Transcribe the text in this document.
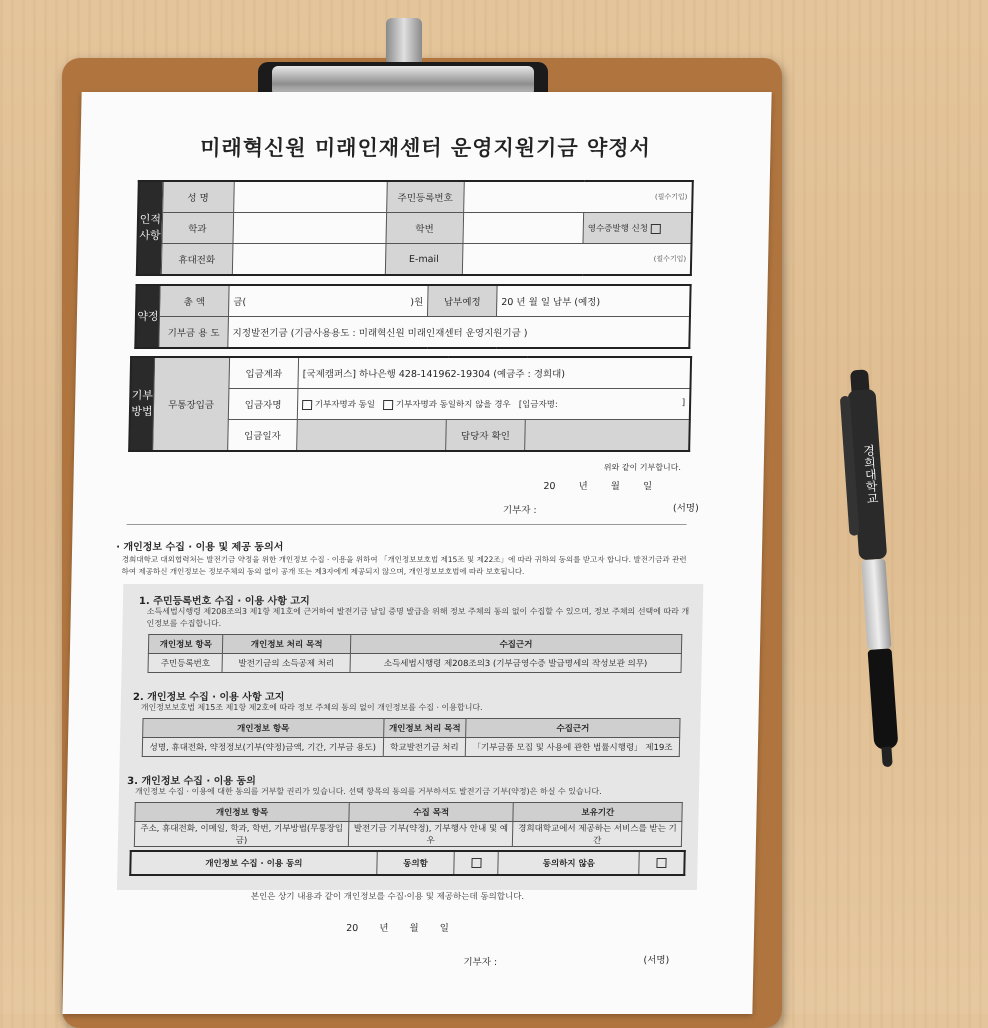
미래혁신원 미래인재센터 운영지원기금 약정서
인적사항	성 명		주민등록번호	(필수기입)	

	학과		학번		영수증발행 신청
	휴대전화		E-mail	(필수기입)	
약정	총 액	금( )원	납부예정	20 년 월 일 납부 (예정)
	기부금 용 도	지정발전기금 (기금사용용도 : 미래혁신원 미래인재센터 운영지원기금 )		
기부방법	무통장입금	입금계좌	[국제캠퍼스] 하나은행 428-141962-19304 (예금주 : 경희대)		
		입금자명	기부자명과 동일 기부자명과 동일하지 않을 경우 [입금자명: ]		

		입금일자		담당자 확인	
위와 같이 기부합니다.
20 년 월 일
기부자 :	(서명)
· 개인정보 수집 · 이용 및 제공 동의서
경희대학교 대외협력처는 발전기금 약정을 위한 개인정보 수집 · 이용을 위하여 「개인정보보호법 제15조 및 제22조」에 따라 귀하의 동의를 받고자 합니다. 발전기금과 관련하여 제공하신 개인정보는 정보주체의 동의 없이 공개 또는 제3자에게 제공되지 않으며, 개인정보보호법에 따라 보호됩니다.
1. 주민등록번호 수집 · 이용 사항 고지
소득세법시행령 제208조의3 제1항 제1호에 근거하여 발전기금 납입 증명 발급을 위해 정보 주체의 동의 없이 수집할 수 있으며, 정보 주체의 선택에 따라 개인정보를 수집합니다.
개인정보 항목	개인정보 처리 목적	수집근거
주민등록번호	발전기금의 소득공제 처리	소득세법시행령 제208조의3 (기부금영수증 발급명세의 작성보관 의무)
2. 개인정보 수집 · 이용 사항 고지
개인정보보호법 제15조 제1항 제2호에 따라 정보 주체의 동의 없이 개인정보를 수집 · 이용합니다.
개인정보 항목	개인정보 처리 목적	수집근거
성명, 휴대전화, 약정정보(기부(약정)금액, 기간, 기부금 용도)	학교발전기금 처리	「기부금품 모집 및 사용에 관한 법률시행령」 제19조
3. 개인정보 수집 · 이용 동의
개인정보 수집 · 이용에 대한 동의를 거부할 권리가 있습니다. 선택 항목의 동의를 거부하셔도 발전기금 기부(약정)은 하실 수 있습니다.
개인정보 항목	수집 목적	보유기간
주소, 휴대전화, 이메일, 학과, 학번, 기부방법(무통장입금)	발전기금 기부(약정), 기부행사 안내 및 예우	경희대학교에서 제공하는 서비스를 받는 기간
개인정보 수집 · 이용 동의	동의함		동의하지 않음	
본인은 상기 내용과 같이 개인정보를 수집·이용 및 제공하는데 동의합니다.
20 년 월 일
기부자 :	(서명)
경희대학교
